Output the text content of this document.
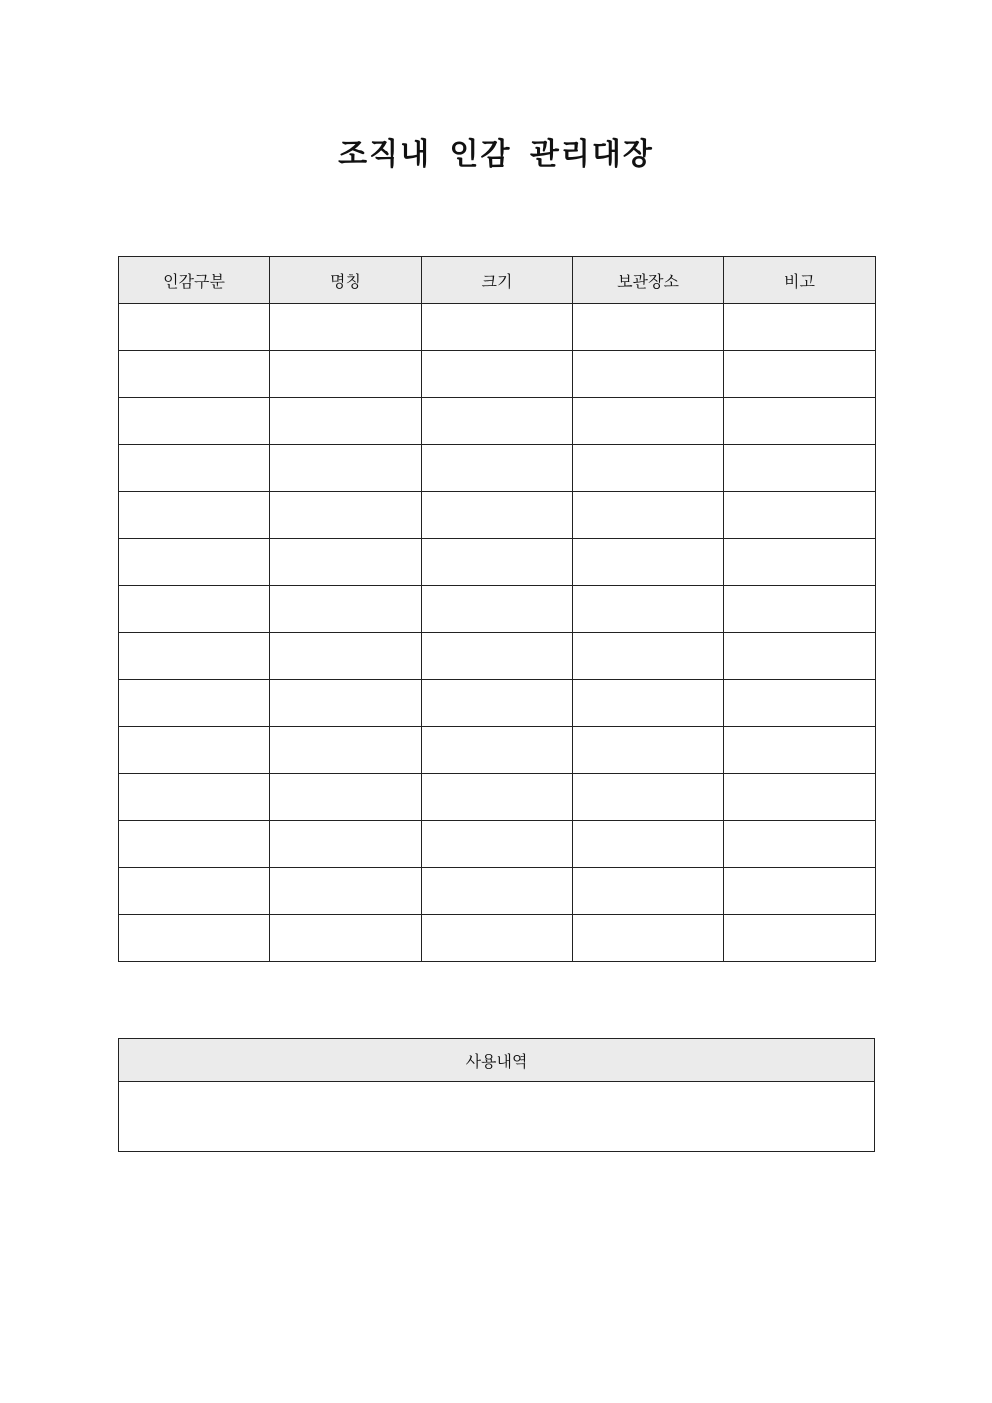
조직내 인감 관리대장
인감구분	명칭	크기	보관장소	비고

사용내역
